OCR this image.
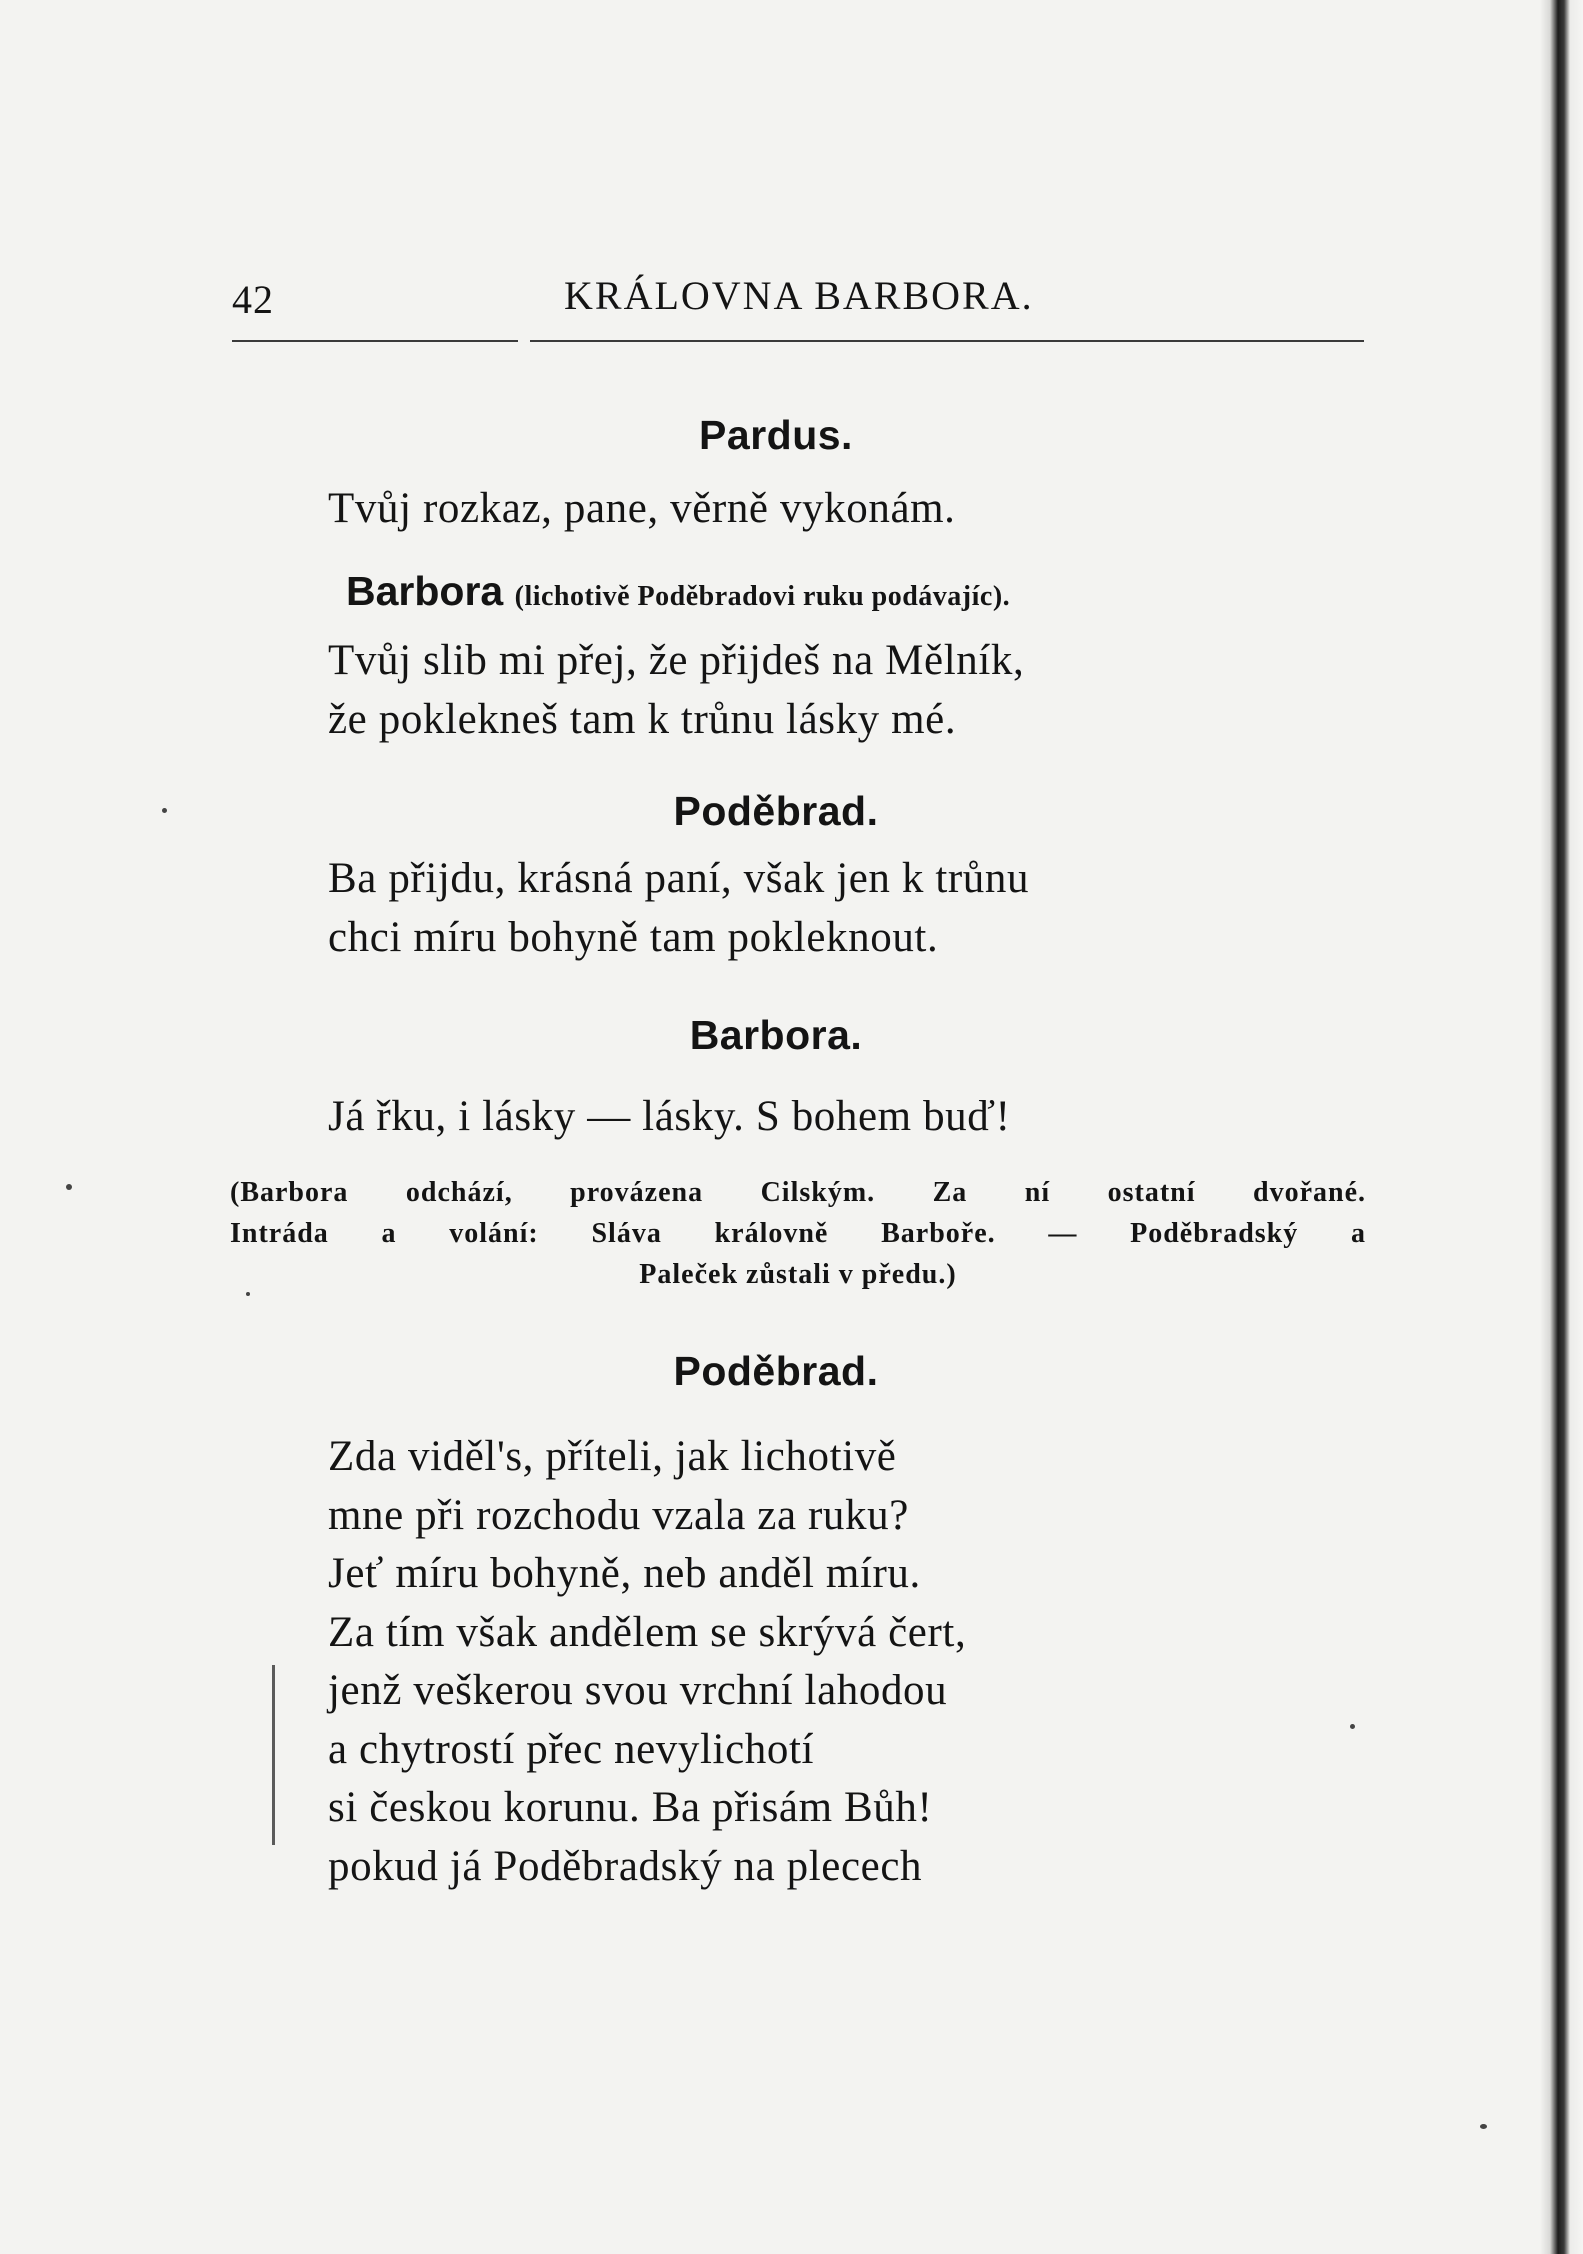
42	KRÁLOVNA BARBORA.
Pardus.
Tvůj rozkaz, pane, věrně vykonám.
Barbora (lichotivě Poděbradovi ruku podávajíc).
Tvůj slib mi přej, že přijdeš na Mělník,
že poklekneš tam k trůnu lásky mé.
Poděbrad.
Ba přijdu, krásná paní, však jen k trůnu
chci míru bohyně tam pokleknout.
Barbora.
Já řku, i lásky — lásky. S bohem buď!
(Barbora odchází, provázena Cilským. Za ní ostatní dvořané.
Intráda a volání: Sláva královně Barboře. — Poděbradský a
Paleček zůstali v předu.)
Poděbrad.
Zda viděl's, příteli, jak lichotivě
mne při rozchodu vzala za ruku?
Jeť míru bohyně, neb anděl míru.
Za tím však andělem se skrývá čert,
jenž veškerou svou vrchní lahodou
a chytrostí přec nevylichotí
si českou korunu. Ba přisám Bůh!
pokud já Poděbradský na plecech
